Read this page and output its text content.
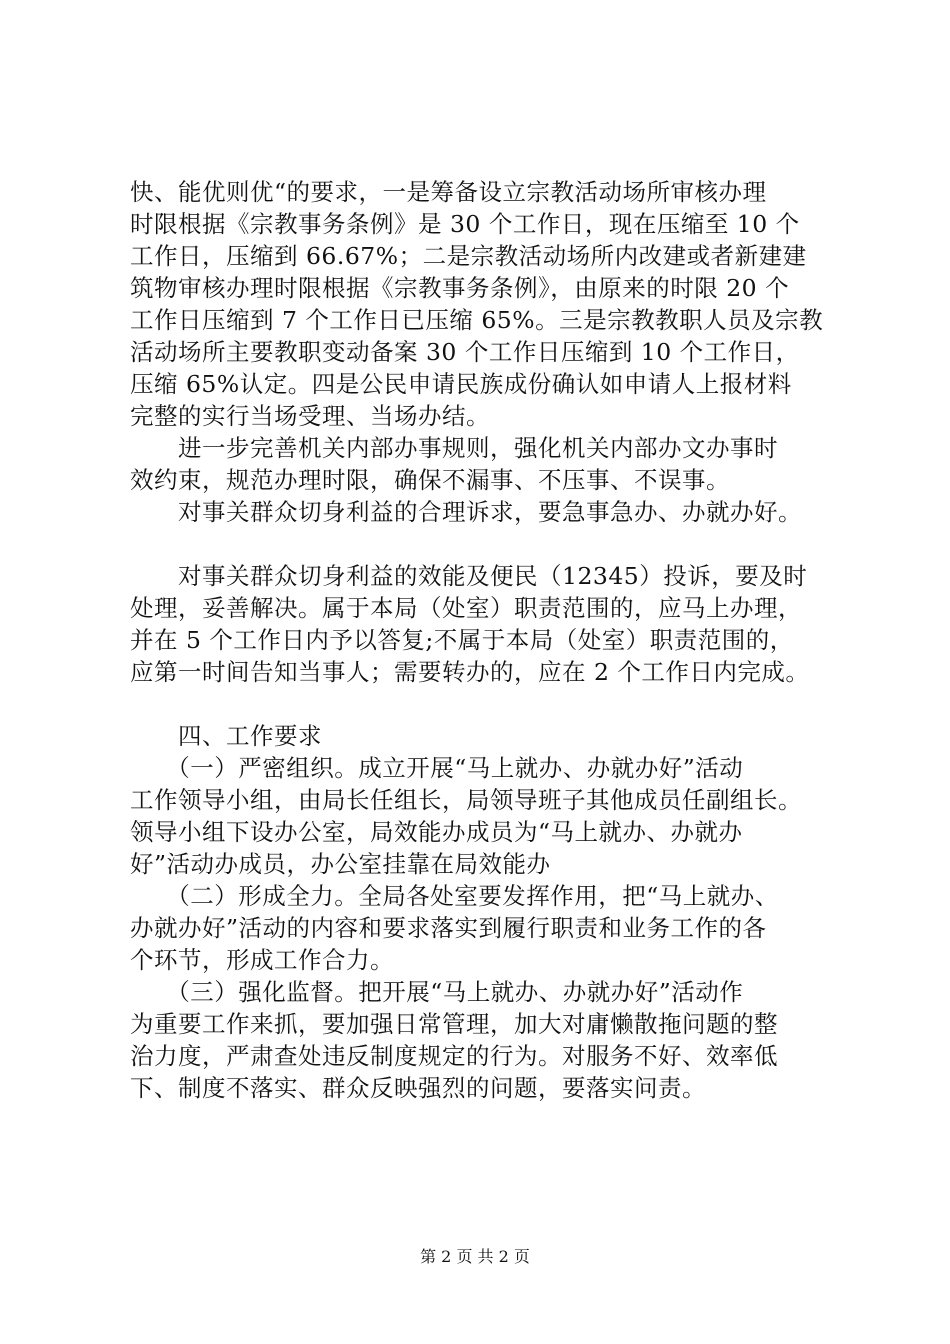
快、能优则优“的要求，一是筹备设立宗教活动场所审核办理
时限根据《宗教事务条例》是 30 个工作日，现在压缩至 10 个
工作日，压缩到 66.67%；二是宗教活动场所内改建或者新建建
筑物审核办理时限根据《宗教事务条例》，由原来的时限 20 个
工作日压缩到 7 个工作日已压缩 65%。三是宗教教职人员及宗教
活动场所主要教职变动备案 30 个工作日压缩到 10 个工作日，
压缩 65%认定。四是公民申请民族成份确认如申请人上报材料
完整的实行当场受理、当场办结。
　　进一步完善机关内部办事规则，强化机关内部办文办事时
效约束，规范办理时限，确保不漏事、不压事、不误事。
　　对事关群众切身利益的合理诉求，要急事急办、办就办好。
　　对事关群众切身利益的效能及便民（12345）投诉，要及时
处理，妥善解决。属于本局（处室）职责范围的，应马上办理，
并在 5 个工作日内予以答复;不属于本局（处室）职责范围的，
应第一时间告知当事人；需要转办的，应在 2 个工作日内完成。
　　四、工作要求
　　（一）严密组织。成立开展“马上就办、办就办好”活动
工作领导小组，由局长任组长，局领导班子其他成员任副组长。
领导小组下设办公室，局效能办成员为“马上就办、办就办
好”活动办成员，办公室挂靠在局效能办
　　（二）形成全力。全局各处室要发挥作用，把“马上就办、
办就办好”活动的内容和要求落实到履行职责和业务工作的各
个环节，形成工作合力。
　　（三）强化监督。把开展“马上就办、办就办好”活动作
为重要工作来抓，要加强日常管理，加大对庸懒散拖问题的整
治力度，严肃查处违反制度规定的行为。对服务不好、效率低
下、制度不落实、群众反映强烈的问题，要落实问责。
第 2 页 共 2 页
